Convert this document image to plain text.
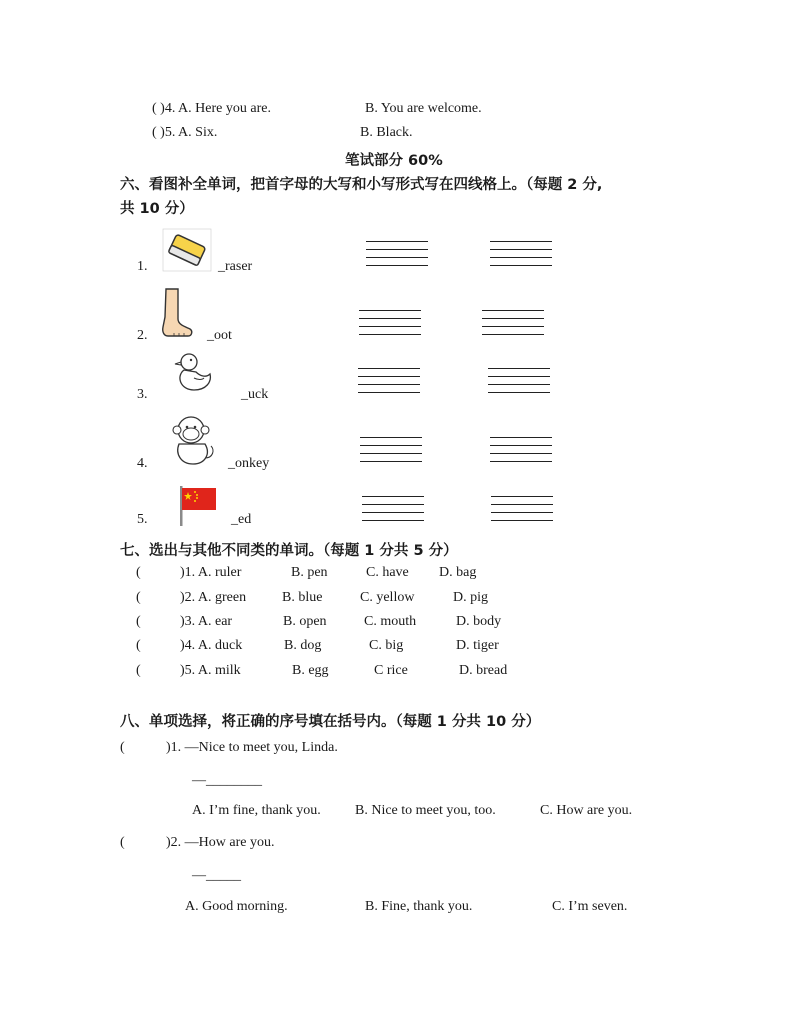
( )4. A. Here you are.	B. You are welcome.
( )5. A. Six.	B. Black.
笔试部分 60%
六、看图补全单词，把首字母的大写和小写形式写在四线格上。（每题 2 分,
共 10 分）
1.	_raser
2.	_oot
3.	_uck
4.	_onkey
5.	_ed
七、选出与其他不同类的单词。（每题 1 分共 5 分）
(	)1. A. ruler	B. pen	C. have D. bag
(	)2. A. green	B. blue	C. yellow	D. pig
(	)3. A. ear	B. open	C. mouth	D. body
(	)4. A. duck	B. dog	C. big	D. tiger
(	)5. A. milk	B. egg	C rice	D. bread
八、单项选择，将正确的序号填在括号内。（每题 1 分共 10 分）
(	)1. —Nice to meet you, Linda.
—________
A. I’m fine, thank you. B. Nice to meet you, too.	C. How are you.
(	)2. —How are you.
—_____
A. Good morning.	B. Fine, thank you.	C. I’m seven.
